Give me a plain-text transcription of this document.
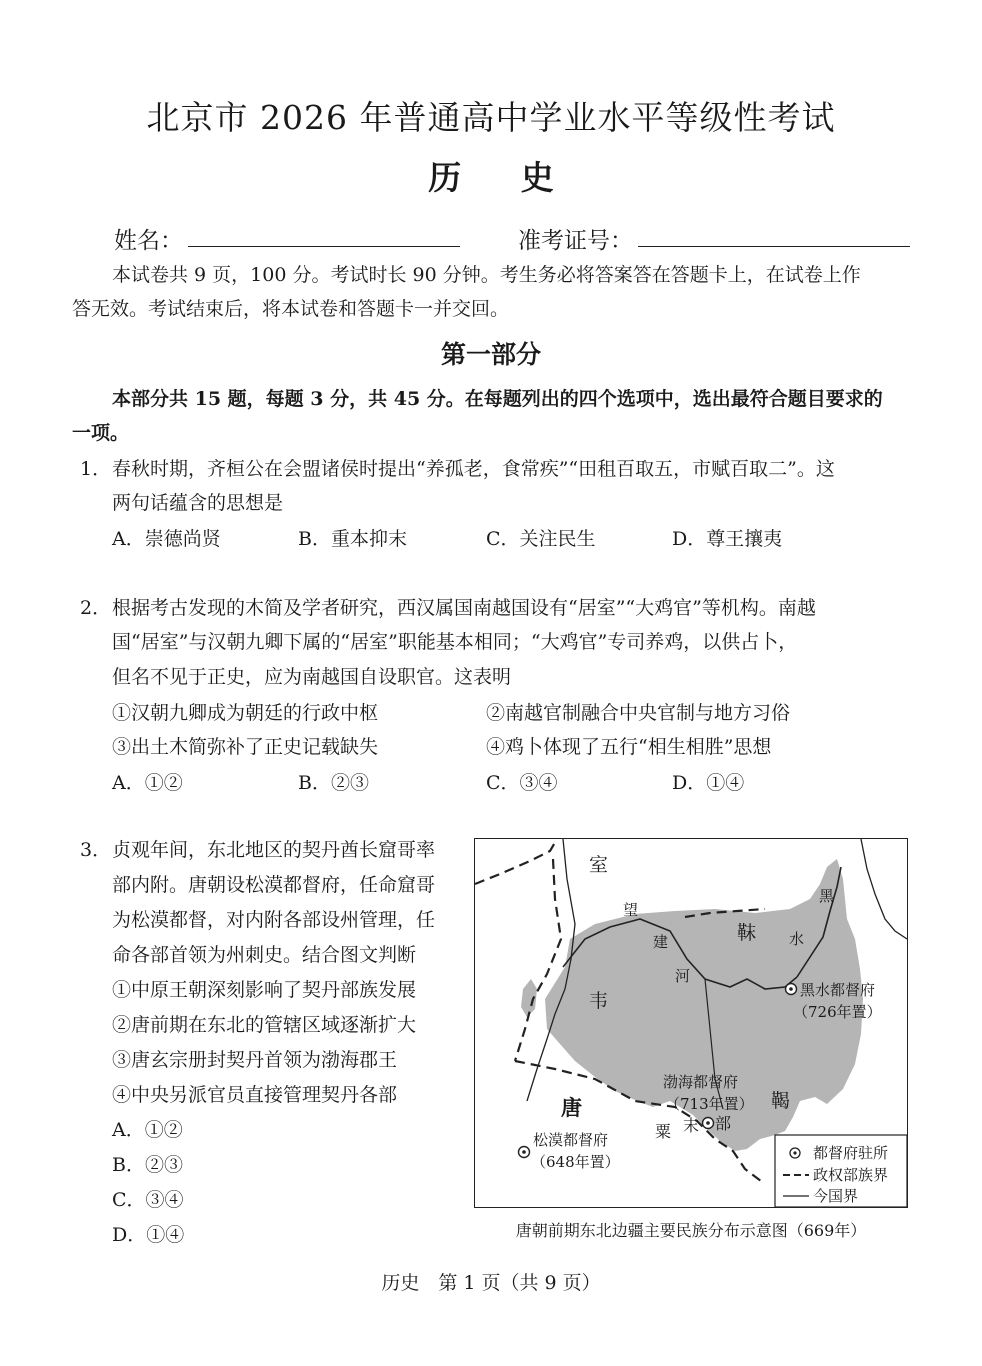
北京市 2026 年普通高中学业水平等级性考试
历 史
姓名：	准考证号：
本试卷共 9 页，100 分。考试时长 90 分钟。考生务必将答案答在答题卡上，在试卷上作
答无效。考试结束后，将本试卷和答题卡一并交回。
第一部分
本部分共 15 题，每题 3 分，共 45 分。在每题列出的四个选项中，选出最符合题目要求的
一项。
1． 春秋时期，齐桓公在会盟诸侯时提出“养孤老，食常疾”“田租百取五，市赋百取二”。这
两句话蕴含的思想是
A．崇德尚贤	B．重本抑末	C．关注民生	D．尊王攘夷
2． 根据考古发现的木简及学者研究，西汉属国南越国设有“居室”“大鸡官”等机构。南越
国“居室”与汉朝九卿下属的“居室”职能基本相同；“大鸡官”专司养鸡，以供占卜，
但名不见于正史，应为南越国自设职官。这表明
①汉朝九卿成为朝廷的行政中枢	②南越官制融合中央官制与地方习俗
③出土木简弥补了正史记载缺失	④鸡卜体现了五行“相生相胜”思想
A．①②	B．②③	C．③④	D．①④
3． 贞观年间，东北地区的契丹酋长窟哥率
部内附。唐朝设松漠都督府，任命窟哥
为松漠都督，对内附各部设州管理，任
命各部首领为州刺史。结合图文判断
①中原王朝深刻影响了契丹部族发展
②唐前期在东北的管辖区域逐渐扩大
③唐玄宗册封契丹首领为渤海郡王
④中央另派官员直接管理契丹各部
A．①②
B．②③
C．③④
D．①④
室
韦
靺
鞨
唐
粟 末 部
望
建
河
黑
水
黑水都督府
（726年置）
渤海都督府
（713年置）
松漠都督府
（648年置）	都督府驻所
政权部族界
今国界
唐朝前期东北边疆主要民族分布示意图（669年）
历史　第 1 页（共 9 页）
